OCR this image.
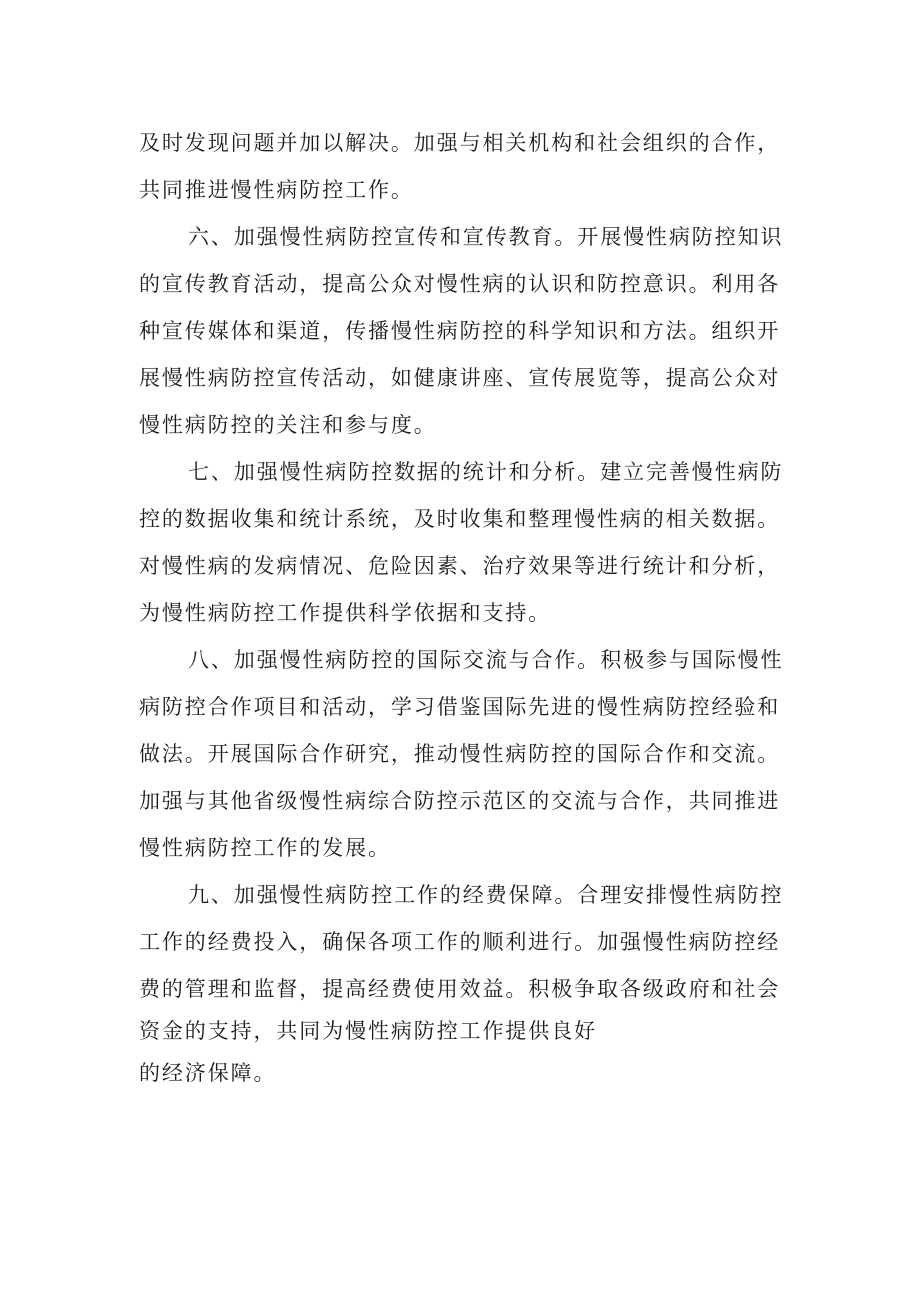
及时发现问题并加以解决。加强与相关机构和社会组织的合作，
共同推进慢性病防控工作。
六、加强慢性病防控宣传和宣传教育。开展慢性病防控知识
的宣传教育活动，提高公众对慢性病的认识和防控意识。利用各
种宣传媒体和渠道，传播慢性病防控的科学知识和方法。组织开
展慢性病防控宣传活动，如健康讲座、宣传展览等，提高公众对
慢性病防控的关注和参与度。
七、加强慢性病防控数据的统计和分析。建立完善慢性病防
控的数据收集和统计系统，及时收集和整理慢性病的相关数据。
对慢性病的发病情况、危险因素、治疗效果等进行统计和分析，
为慢性病防控工作提供科学依据和支持。
八、加强慢性病防控的国际交流与合作。积极参与国际慢性
病防控合作项目和活动，学习借鉴国际先进的慢性病防控经验和
做法。开展国际合作研究，推动慢性病防控的国际合作和交流。
加强与其他省级慢性病综合防控示范区的交流与合作，共同推进
慢性病防控工作的发展。
九、加强慢性病防控工作的经费保障。合理安排慢性病防控
工作的经费投入，确保各项工作的顺利进行。加强慢性病防控经
费的管理和监督，提高经费使用效益。积极争取各级政府和社会
资金的支持，共同为慢性病防控工作提供良好
的经济保障。
